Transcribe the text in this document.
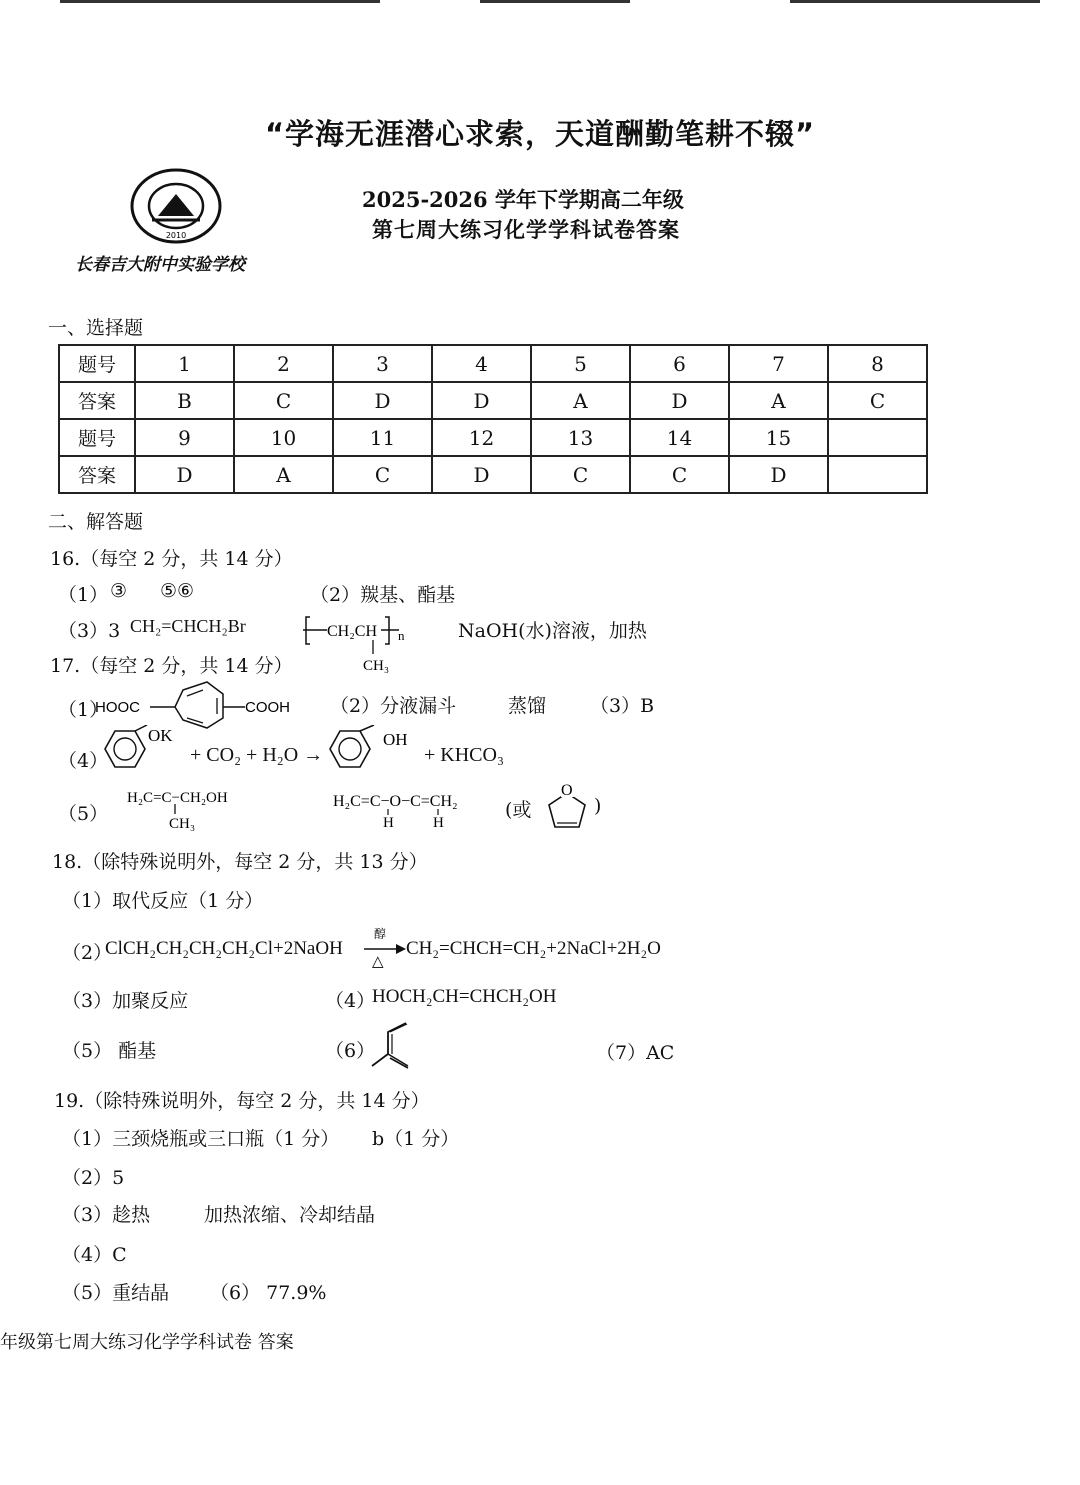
“学海无涯潜心求索，天道酬勤笔耕不辍”
2010
长春吉大附中实验学校
2025-2026 学年下学期高二年级
第七周大练习化学学科试卷答案
一、选择题
题号	1	2	3	4	5	6	7	8
答案	B	C	D	D	A	D	A	C
题号	9	10	11	12	13	14	15	
答案	D	A	C	D	C	C	D	
二、解答题
16.（每空 2 分，共 14 分）
（1） ③ ⑤⑥	（2）羰基、酯基
（3）3 CH₂=CHCH₂Br	CH₂CH n
CH₃
NaOH(水)溶液，加热
17.（每空 2 分，共 14 分）
（1）
HOOC	COOH （2）分液漏斗	蒸馏 （3）B
（4）
OK
+ CO₂ + H₂O →
OH
+ KHCO₃
（5）
H₂C=C−CH₂OH
CH₃
H₂C=C−O−C=CH₂
H	H
(或
O
)
18.（除特殊说明外，每空 2 分，共 13 分）
（1）取代反应（1 分）
（2）
ClCH₂CH₂CH₂CH₂Cl+2NaOH
醇
△
CH₂=CHCH=CH₂+2NaCl+2H₂O
（3）加聚反应	（4）
HOCH₂CH=CHCH₂OH
（5） 酯基	（6）	（7）AC
19.（除特殊说明外，每空 2 分，共 14 分）
（1）三颈烧瓶或三口瓶（1 分） b（1 分）
（2）5
（3）趁热	加热浓缩、冷却结晶
（4）C
（5）重结晶 （6） 77.9%
年级第七周大练习化学学科试卷 答案
